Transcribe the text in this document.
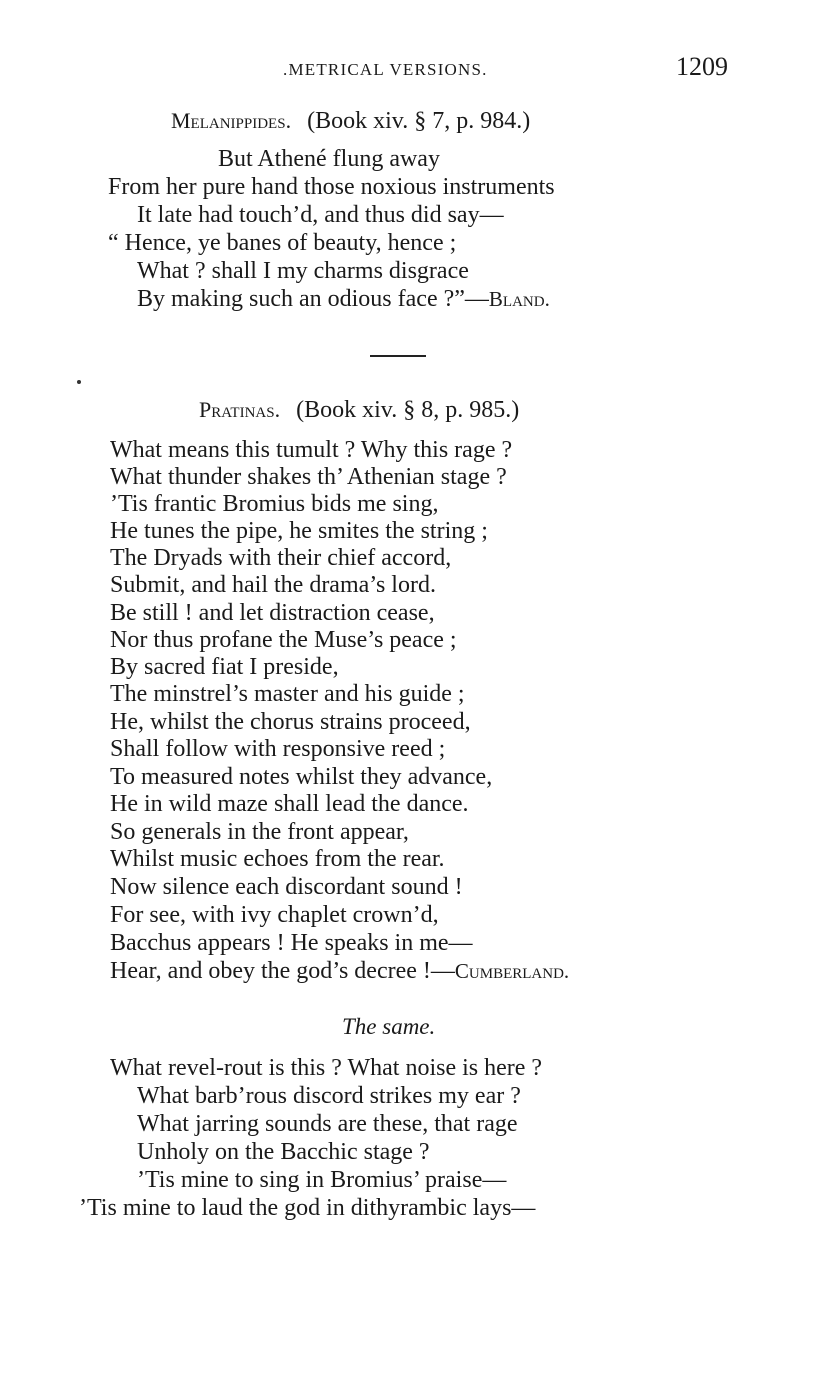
.METRICAL VERSIONS.	1209
Melanippides. (Book xiv. § 7, p. 984.)
But Athené flung away
From her pure hand those noxious instruments
It late had touch’d, and thus did say—
“ Hence, ye banes of beauty, hence ;
What ? shall I my charms disgrace
By making such an odious face ?”—Bland.
Pratinas. (Book xiv. § 8, p. 985.)
What means this tumult ? Why this rage ?
What thunder shakes th’ Athenian stage ?
’Tis frantic Bromius bids me sing,
He tunes the pipe, he smites the string ;
The Dryads with their chief accord,
Submit, and hail the drama’s lord.
Be still ! and let distraction cease,
Nor thus profane the Muse’s peace ;
By sacred fiat I preside,
The minstrel’s master and his guide ;
He, whilst the chorus strains proceed,
Shall follow with responsive reed ;
To measured notes whilst they advance,
He in wild maze shall lead the dance.
So generals in the front appear,
Whilst music echoes from the rear.
Now silence each discordant sound !
For see, with ivy chaplet crown’d,
Bacchus appears ! He speaks in me—
Hear, and obey the god’s decree !—Cumberland.
The same.
What revel-rout is this ? What noise is here ?
What barb’rous discord strikes my ear ?
What jarring sounds are these, that rage
Unholy on the Bacchic stage ?
’Tis mine to sing in Bromius’ praise—
’Tis mine to laud the god in dithyrambic lays—
